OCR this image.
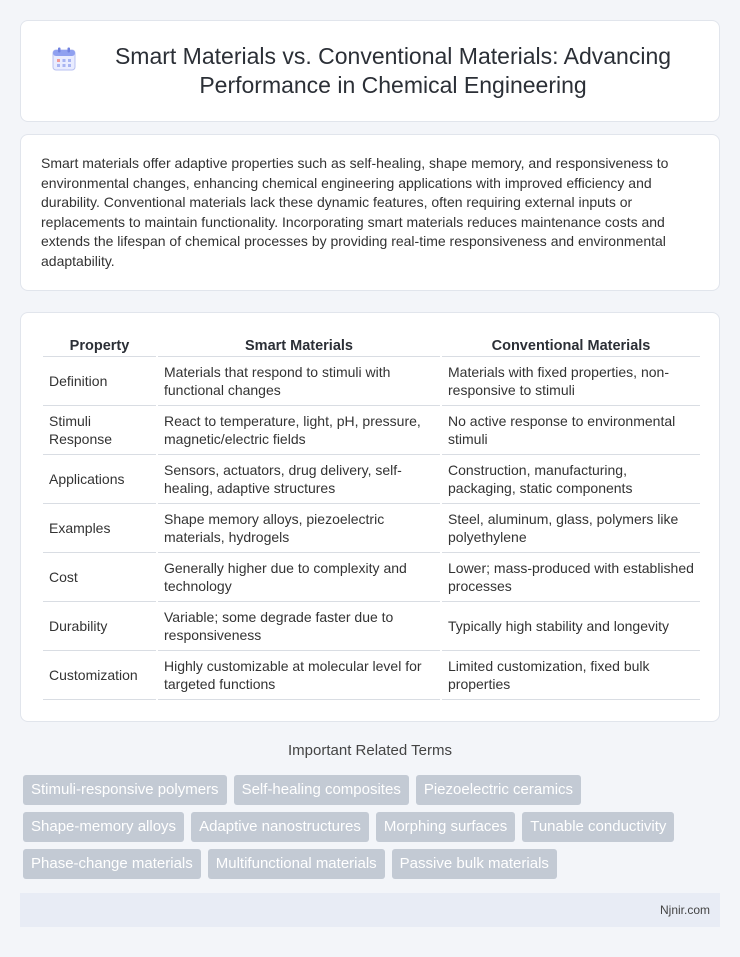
Smart Materials vs. Conventional Materials: Advancing Performance in Chemical Engineering

Smart materials offer adaptive properties such as self-healing, shape memory, and responsiveness to environmental changes, enhancing chemical engineering applications with improved efficiency and durability. Conventional materials lack these dynamic features, often requiring external inputs or replacements to maintain functionality. Incorporating smart materials reduces maintenance costs and extends the lifespan of chemical processes by providing real-time responsiveness and environmental adaptability.

Property	Smart Materials	Conventional Materials
Definition	Materials that respond to stimuli with functional changes	Materials with fixed properties, non-responsive to stimuli
Stimuli Response	React to temperature, light, pH, pressure, magnetic/electric fields	No active response to environmental stimuli
Applications	Sensors, actuators, drug delivery, self-healing, adaptive structures	Construction, manufacturing, packaging, static components
Examples	Shape memory alloys, piezoelectric materials, hydrogels	Steel, aluminum, glass, polymers like polyethylene
Cost	Generally higher due to complexity and technology	Lower; mass-produced with established processes
Durability	Variable; some degrade faster due to responsiveness	Typically high stability and longevity
Customization	Highly customizable at molecular level for targeted functions	Limited customization, fixed bulk properties
Important Related Terms
Stimuli-responsive polymers	Self-healing composites	Piezoelectric ceramics
Shape-memory alloys	Adaptive nanostructures	Morphing surfaces	Tunable conductivity
Phase-change materials	Multifunctional materials	Passive bulk materials
Njnir.com
